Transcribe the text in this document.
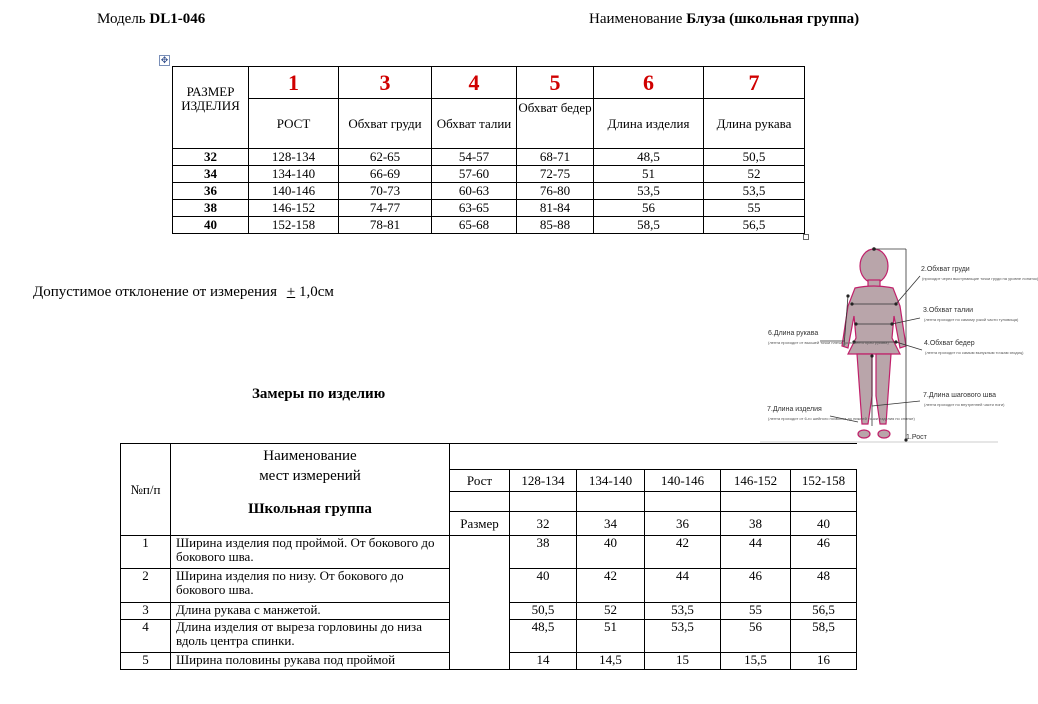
Модель DL1-046	Наименование Блуза (школьная группа)
✥
РАЗМЕР ИЗДЕЛИЯ	1	3	4	5	6	7
	РОСТ	Обхват груди	Обхват талии	Обхват бедер	Длина изделия	Длина рукава
32	128-134	62-65	54-57	68-71	48,5	50,5
34	134-140	66-69	57-60	72-75	51	52
36	140-146	70-73	60-63	76-80	53,5	53,5
38	146-152	74-77	63-65	81-84	56	55
40	152-158	78-81	65-68	85-88	58,5	56,5
Допустимое отклонение от измерения + 1,0см
2.Обхват груди
(проходит через выступающие точки груди на уровне лопаток)
3.Обхват талии
(лента проходит по самому узкой части туловища)
4.Обхват бедер
(лента проходит по самым выпуклым точкам ягодиц)
6.Длина рукава
(лента проходит от высшей точки плеча до нижнего края рукава)
7.Длина шагового шва
(лента проходит по внутренней части ноги)
7.Длина изделия
(лента проходит от 6-го шейного позвонка до нижней точки изделия по спинке)
1.Рост
Замеры по изделию
№п/п	Наименование
мест измерений
Школьная группа						

		Рост	128-134	134-140	140-146	146-152	152-158

		Размер	32	34	36	38	40
1	Ширина изделия под проймой. От бокового до бокового шва.		38	40	42	44	46
2	Ширина изделия по низу. От бокового до бокового шва.		40	42	44	46	48
3	Длина рукава с манжетой.		50,5	52	53,5	55	56,5
4	Длина изделия от выреза горловины до низа вдоль центра спинки.		48,5	51	53,5	56	58,5
5	Ширина половины рукава под проймой		14	14,5	15	15,5	16
